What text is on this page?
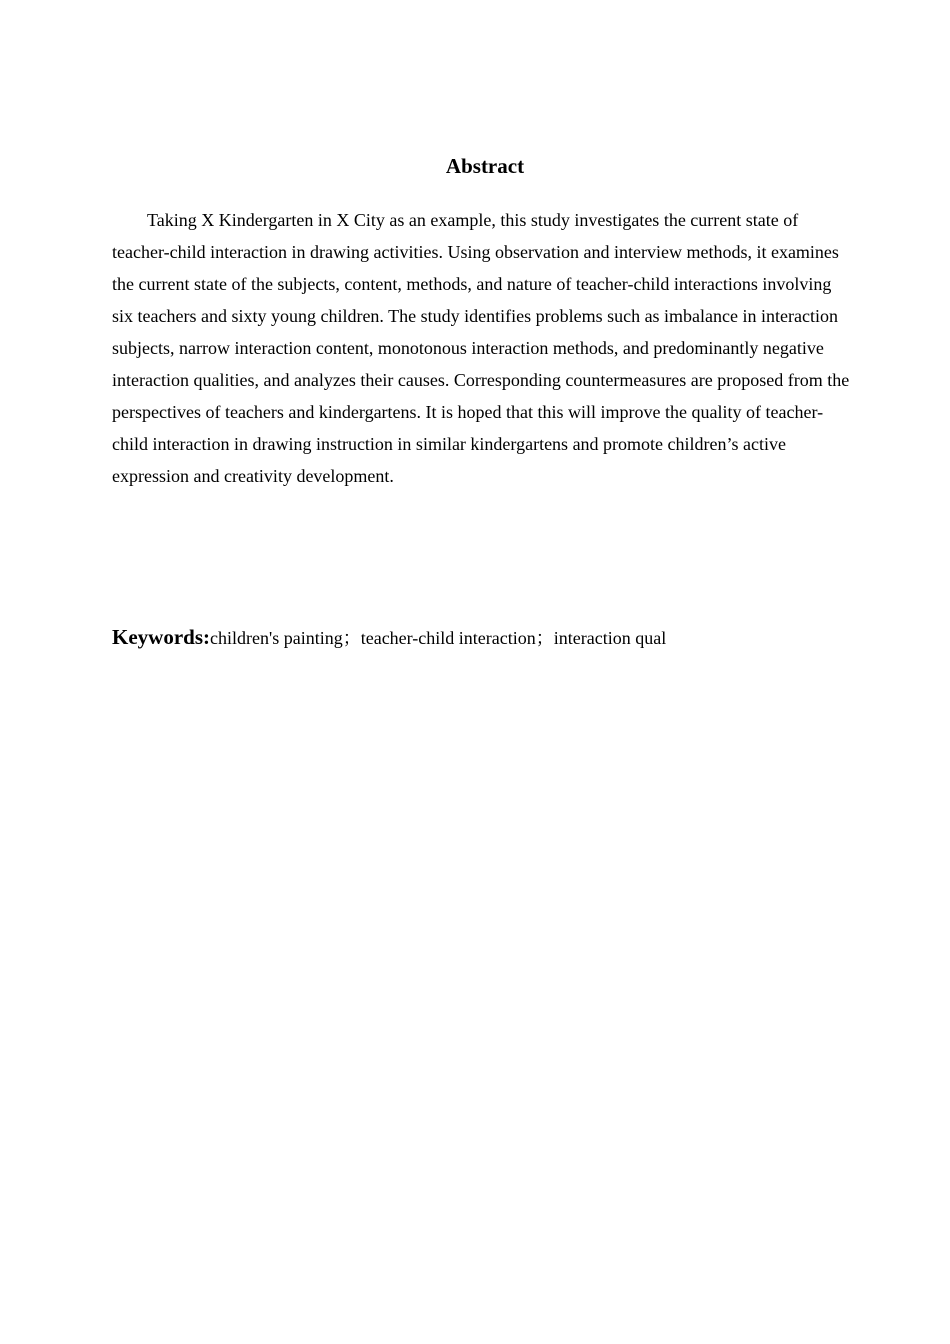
Abstract

Taking X Kindergarten in X City as an example, this study investigates the current state of teacher-child interaction in drawing activities. Using observation and interview methods, it examines the current state of the subjects, content, methods, and nature of teacher-child interactions involving six teachers and sixty young children. The study identifies problems such as imbalance in interaction subjects, narrow interaction content, monotonous interaction methods, and predominantly negative interaction qualities, and analyzes their causes. Corresponding countermeasures are proposed from the perspectives of teachers and kindergartens. It is hoped that this will improve the quality of teacher-child interaction in drawing instruction in similar kindergartens and promote children’s active expression and creativity development.

Keywords:children's painting；teacher-child interaction；interaction qual
